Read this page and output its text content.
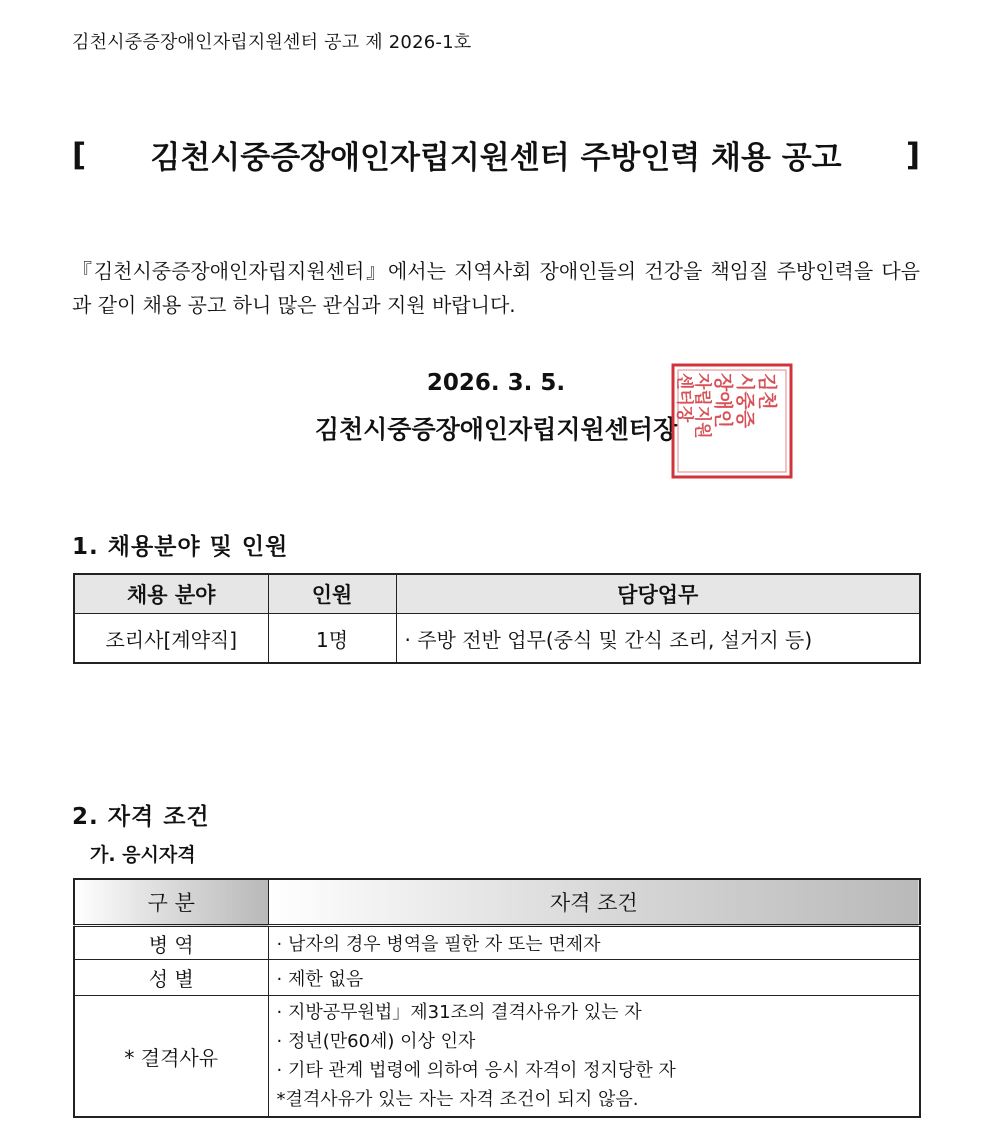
김천시중증장애인자립지원센터 공고 제 2026-1호
[ 김천시중증장애인자립지원센터 주방인력 채용 공고 ]
『김천시중증장애인자립지원센터』에서는 지역사회 장애인들의 건강을 책임질 주방인력을 다음과 같이 채용 공고 하니 많은 관심과 지원 바랍니다.
2026. 3. 5.
김천시중증장애인자립지원센터장
김천
시중증
장애인
자립지원
센터장
1. 채용분야 및 인원
채용 분야	인원	담당업무
조리사[계약직]	1명	· 주방 전반 업무(중식 및 간식 조리, 설거지 등)
2. 자격 조건
가. 응시자격
구 분	자격 조건
병 역	· 남자의 경우 병역을 필한 자 또는 면제자
성 별	· 제한 없음
* 결격사유	· 지방공무원법」제31조의 결격사유가 있는 자
· 정년(만60세) 이상 인자
· 기타 관계 법령에 의하여 응시 자격이 정지당한 자
*결격사유가 있는 자는 자격 조건이 되지 않음.
